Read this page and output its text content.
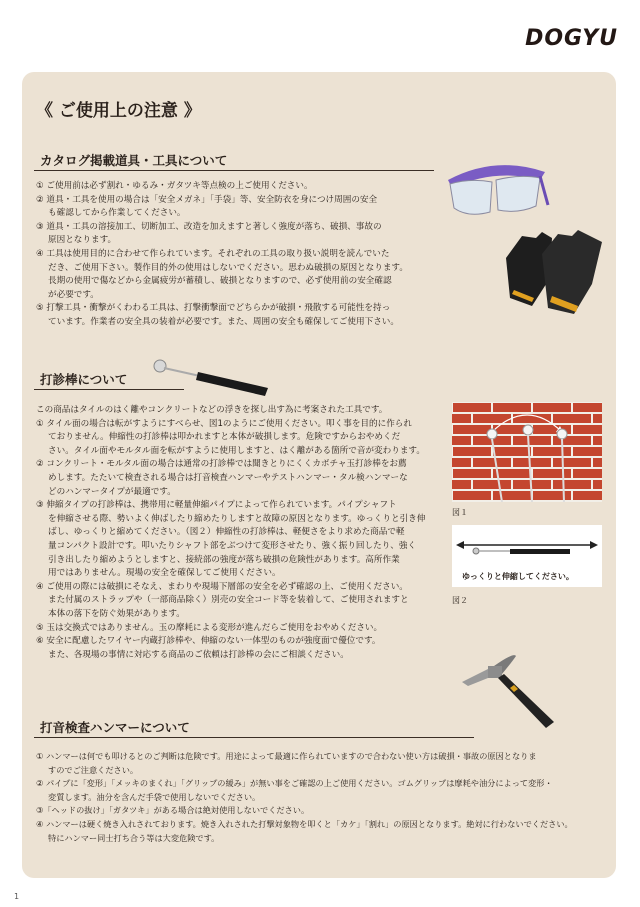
DOGYU
《 ご使用上の注意 》
カタログ掲載道具・工具について
① ご使用前は必ず割れ・ゆるみ・ガタツキ等点検の上ご使用ください。
② 道具・工具を使用の場合は「安全メガネ」「手袋」等、安全防衣を身につけ周囲の安全
も確認してから作業してください。
③ 道具・工具の溶接加工、切断加工、改造を加えますと著しく強度が落ち、破損、事故の
原因となります。
④ 工具は使用目的に合わせて作られています。それぞれの工具の取り扱い説明を読んでいた
だき、ご使用下さい。製作目的外の使用はしないでください。思わぬ破損の原因となります。
長期の使用で傷などから金属疲労が蓄積し、破損となりますので、必ず使用前の安全確認
が必要です。
⑤ 打撃工具・衝撃がくわわる工具は、打撃衝撃面でどちらかが破損・飛散する可能性を持っ
ています。作業者の安全具の装着が必要です。また、周囲の安全も確保してご使用下さい。
打診棒について
この商品はタイルのはく離やコンクリートなどの浮きを探し出す為に考案された工具です。
① タイル面の場合は転がすようにすべらせ、図1のようにご使用ください。叩く事を目的に作られ
ておりません。伸縮性の打診棒は叩かれますと本体が破損します。危険ですからおやめくだ
さい。タイル面やモルタル面を転がすように使用しますと、はく離がある箇所で音が変わります。
② コンクリート・モルタル面の場合は通常の打診棒では聞きとりにくくカボチャ玉打診棒をお薦
めします。たたいて検査される場合は打音検査ハンマーやテストハンマー・タル検ハンマーな
どのハンマータイプが最適です。
③ 伸縮タイプの打診棒は、携帯用に軽量伸縮パイプによって作られています。パイプシャフト
を伸縮させる際、勢いよく伸ばしたり縮めたりしますと故障の原因となります。ゆっくりと引き伸
ばし、ゆっくりと縮めてください。（図２）伸縮性の打診棒は、軽便さをより求めた商品で軽
量コンパクト設計です。叩いたりシャフト部をぶつけて変形させたり、強く振り回したり、強く
引き出したり縮めようとしますと、接続部の強度が落ち破損の危険性があります。高所作業
用ではありません。現場の安全を確保してご使用ください。
④ ご使用の際には破損にそなえ、まわりや現場下層部の安全を必ず確認の上、ご使用ください。
また付属のストラップや（一部商品除く）別売の安全コード等を装着して、ご使用されますと
本体の落下を防ぐ効果があります。
⑤ 玉は交換式ではありません。玉の摩耗による変形が進んだらご使用をおやめください。
⑥ 安全に配慮したワイヤー内蔵打診棒や、伸縮のない一体型のものが強度面で優位です。
また、各現場の事情に対応する商品のご依頼は打診棒の会にご相談ください。
図１
ゆっくりと伸縮してください。
図２
打音検査ハンマーについて
① ハンマーは何でも叩けるとのご判断は危険です。用途によって最適に作られていますので合わない使い方は破損・事故の原因となりま
すのでご注意ください。
② パイプに「変形」「メッキのまくれ」「グリップの緩み」が無い事をご確認の上ご使用ください。ゴムグリップは摩耗や油分によって変形・
変質します。油分を含んだ手袋で使用しないでください。
③「ヘッドの抜け」「ガタツキ」がある場合は絶対使用しないでください。
④ ハンマーは硬く焼き入れされております。焼き入れされた打撃対象物を叩くと「カケ」「割れ」の原因となります。絶対に行わないでください。
特にハンマー同士打ち合う等は大変危険です。
1
